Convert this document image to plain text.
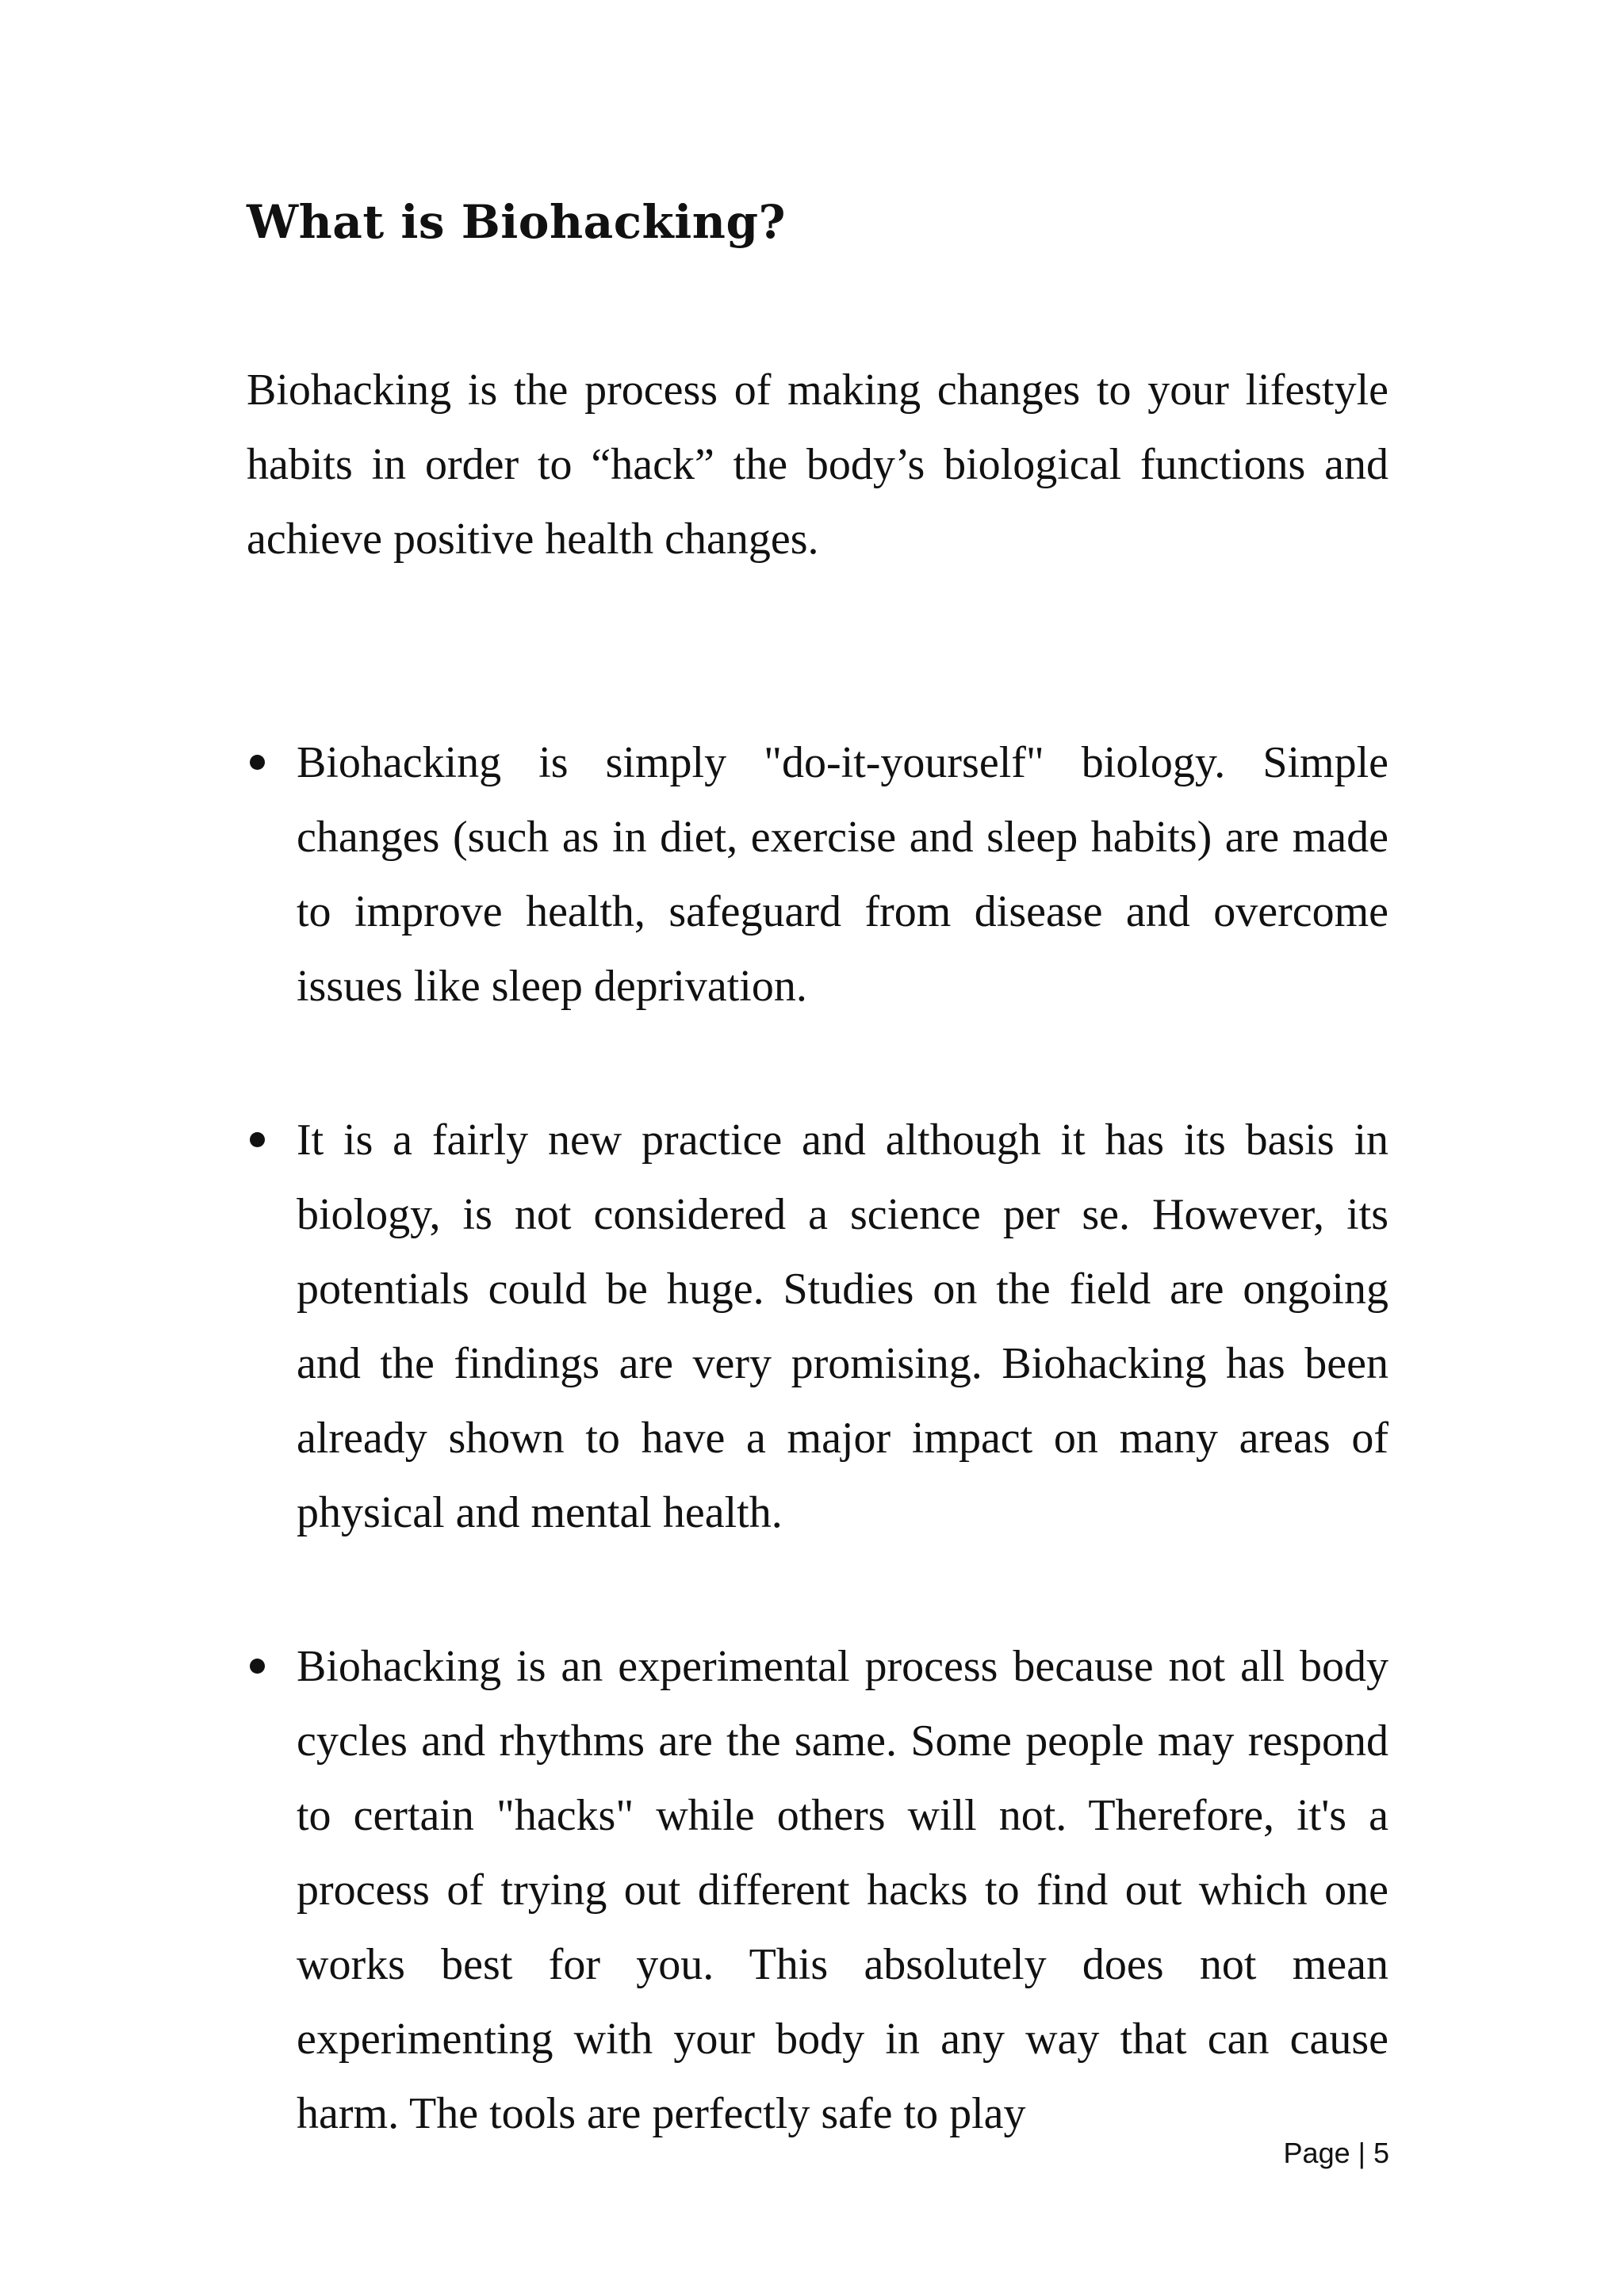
What is Biohacking?

Biohacking is the process of making changes to your lifestyle habits in order to “hack” the body’s biological functions and achieve positive health changes.

Biohacking is simply "do-it-yourself" biology. Simple changes (such as in diet, exercise and sleep habits) are made to improve health, safeguard from disease and overcome issues like sleep deprivation.
It is a fairly new practice and although it has its basis in biology, is not considered a science per se. However, its potentials could be huge. Studies on the field are ongoing and the findings are very promising. Biohacking has been already shown to have a major impact on many areas of physical and mental health.
Biohacking is an experimental process because not all body cycles and rhythms are the same. Some people may respond to certain "hacks" while others will not. Therefore, it's a process of trying out different hacks to find out which one works best for you. This absolutely does not mean experimenting with your body in any way that can cause harm. The tools are perfectly safe to play
Page | 5
